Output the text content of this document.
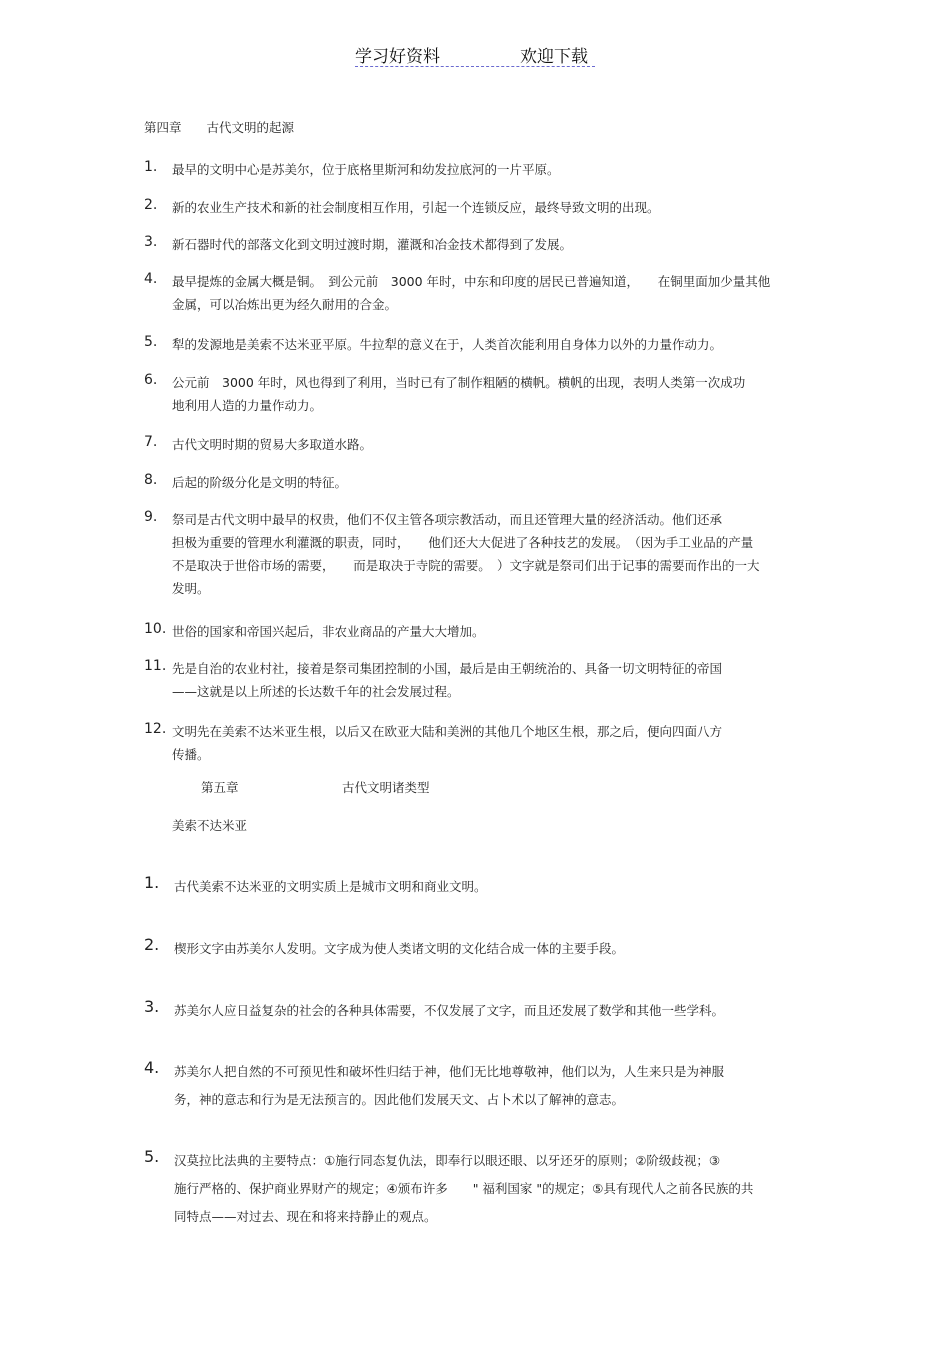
学习好资料	欢迎下载
第四章　　古代文明的起源
1. 最早的文明中心是苏美尔，位于底格里斯河和幼发拉底河的一片平原。
2. 新的农业生产技术和新的社会制度相互作用，引起一个连锁反应，最终导致文明的出现。
3. 新石器时代的部落文化到文明过渡时期，灌溉和冶金技术都得到了发展。
4. 最早提炼的金属大概是铜。　到公元前　3000 年时，中东和印度的居民已普遍知道，　　在铜里面加少量其他
金属，可以冶炼出更为经久耐用的合金。
5. 犁的发源地是美索不达米亚平原。牛拉犁的意义在于，人类首次能利用自身体力以外的力量作动力。
6. 公元前　3000 年时，风也得到了利用，当时已有了制作粗陋的横帆。横帆的出现，表明人类第一次成功
地利用人造的力量作动力。
7. 古代文明时期的贸易大多取道水路。
8. 后起的阶级分化是文明的特征。
9. 祭司是古代文明中最早的权贵，他们不仅主管各项宗教活动，而且还管理大量的经济活动。他们还承
担极为重要的管理水利灌溉的职责，同时，　　他们还大大促进了各种技艺的发展。　（因为手工业品的产量
不是取决于世俗市场的需要，　　而是取决于寺院的需要。　）文字就是祭司们出于记事的需要而作出的一大
发明。
10. 世俗的国家和帝国兴起后，非农业商品的产量大大增加。
11. 先是自治的农业村社，接着是祭司集团控制的小国，最后是由王朝统治的、具备一切文明特征的帝国
——这就是以上所述的长达数千年的社会发展过程。
12. 文明先在美索不达米亚生根，以后又在欧亚大陆和美洲的其他几个地区生根，那之后，便向四面八方
传播。
第五章	古代文明诸类型
美索不达米亚
1. 古代美索不达米亚的文明实质上是城市文明和商业文明。
2. 楔形文字由苏美尔人发明。文字成为使人类诸文明的文化结合成一体的主要手段。
3. 苏美尔人应日益复杂的社会的各种具体需要，不仅发展了文字，而且还发展了数学和其他一些学科。
4. 苏美尔人把自然的不可预见性和破坏性归结于神，他们无比地尊敬神，他们以为，人生来只是为神服
务，神的意志和行为是无法预言的。因此他们发展天文、占卜术以了解神的意志。
5. 汉莫拉比法典的主要特点：①施行同态复仇法，即奉行以眼还眼、以牙还牙的原则；②阶级歧视；③
施行严格的、保护商业界财产的规定；④颁布许多　　" 福利国家 "的规定；⑤具有现代人之前各民族的共
同特点——对过去、现在和将来持静止的观点。
